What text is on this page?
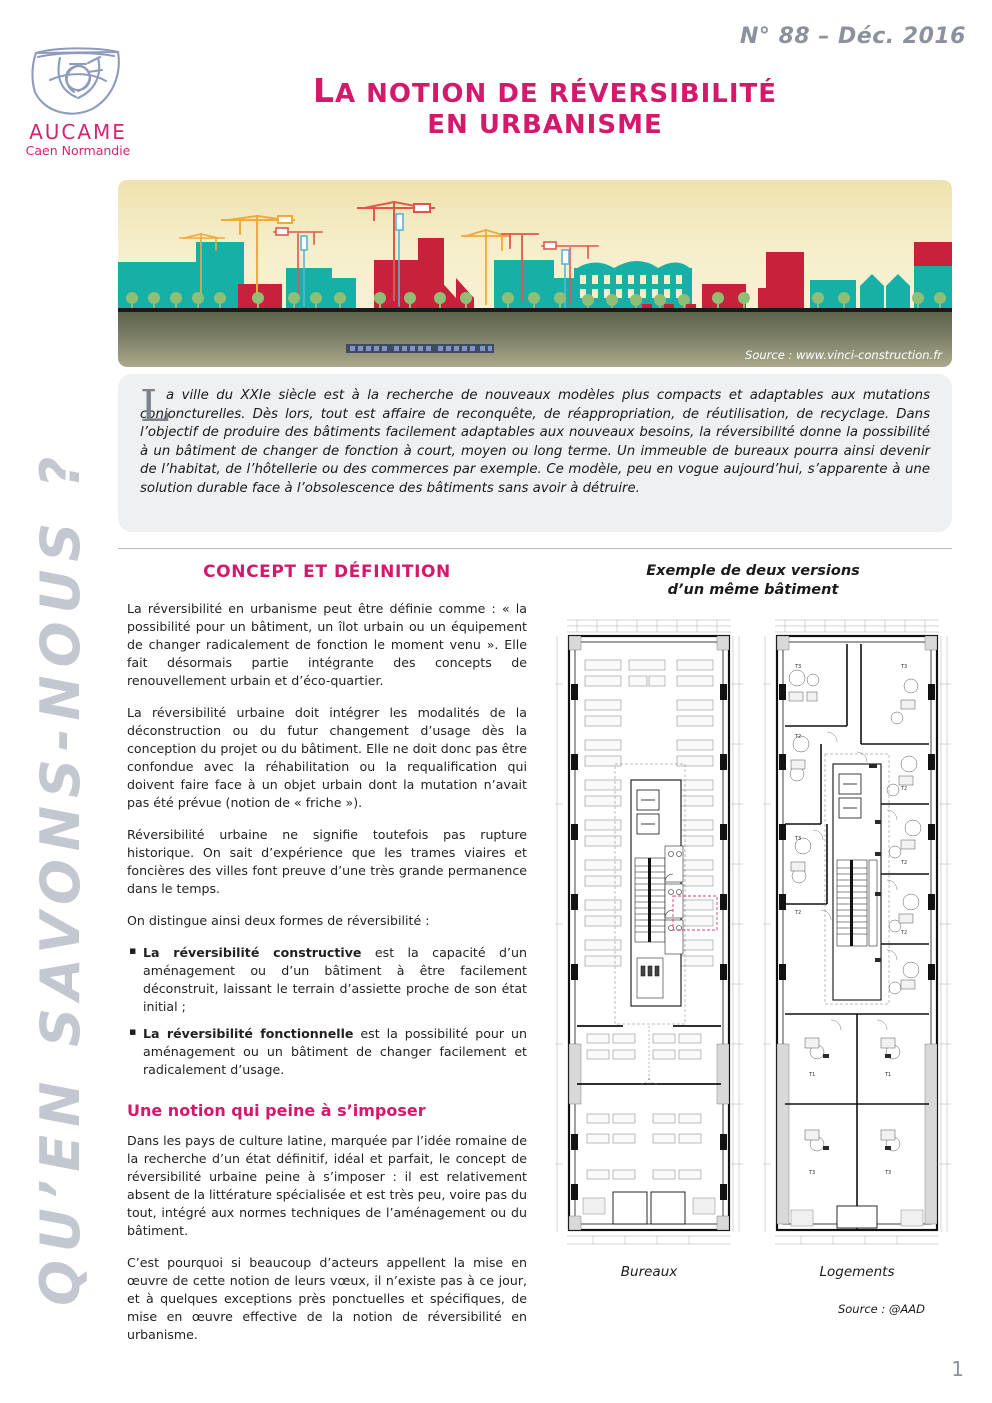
QU’EN SAVONS-NOUS ?
AUCAME
Caen Normandie
N° 88 – Déc. 2016
LA NOTION DE RÉVERSIBILITÉ
EN URBANISME
Source : www.vinci-construction.fr
L
a ville du XXIe siècle est à la recherche de nouveaux modèles plus compacts et adaptables aux mutations conjoncturelles. Dès lors, tout est affaire de reconquête, de réappropriation, de réutilisation, de recyclage. Dans l’objectif de produire des bâtiments facilement adaptables aux nouveaux besoins, la réversibilité donne la possibilité à un bâtiment de changer de fonction à court, moyen ou long terme. Un immeuble de bureaux pourra ainsi devenir de l’habitat, de l’hôtellerie ou des commerces par exemple. Ce modèle, peu en vogue aujourd’hui, s’apparente à une solution durable face à l’obsolescence des bâtiments sans avoir à détruire.
CONCEPT ET DÉFINITION

La réversibilité en urbanisme peut être définie comme : « la possibilité pour un bâtiment, un îlot urbain ou un équipement de changer radicalement de fonction le moment venu ». Elle fait désormais partie intégrante des concepts de renouvellement urbain et d’éco-quartier.

La réversibilité urbaine doit intégrer les modalités de la déconstruction ou du futur changement d’usage dès la conception du projet ou du bâtiment. Elle ne doit donc pas être confondue avec la réhabilitation ou la requalification qui doivent faire face à un objet urbain dont la mutation n’avait pas été prévue (notion de « friche »).

Réversibilité urbaine ne signifie toutefois pas rupture historique. On sait d’expérience que les trames viaires et foncières des villes font preuve d’une très grande permanence dans le temps.

On distingue ainsi deux formes de réversibilité :

▪ La réversibilité constructive est la capacité d’un aménagement ou d’un bâtiment à être facilement déconstruit, laissant le terrain d’assiette proche de son état initial ;
▪ La réversibilité fonctionnelle est la possibilité pour un aménagement ou un bâtiment de changer facilement et radicalement d’usage.
Une notion qui peine à s’imposer

Dans les pays de culture latine, marquée par l’idée romaine de la recherche d’un état définitif, idéal et parfait, le concept de réversibilité urbaine peine à s’imposer : il est relativement absent de la littérature spécialisée et est très peu, voire pas du tout, intégré aux normes techniques de l’aménagement ou du bâtiment.

C’est pourquoi si beaucoup d’acteurs appellent la mise en œuvre de cette notion de leurs vœux, il n’existe pas à ce jour, et à quelques exceptions près ponctuelles et spécifiques, de mise en œuvre effective de la notion de réversibilité en urbanisme.

Exemple de deux versions
d’un même bâtiment
Bureaux
T3	T3
T2
T2
T3
T2
T2
T2
T1	T1
T3	T3
Logements
Source : @AAD
1
